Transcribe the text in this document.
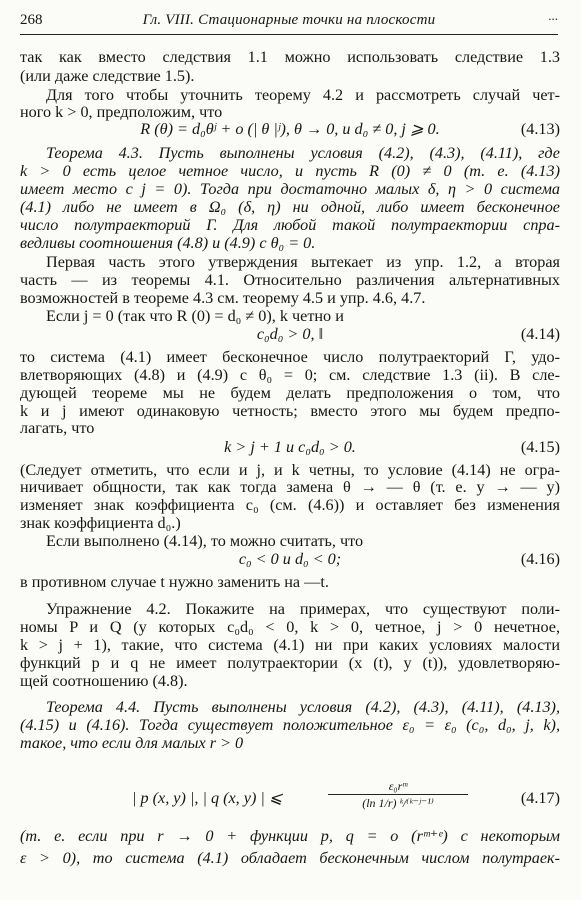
268	Гл. VIII. Стационарные точки на плоскости	...
так как вместо следствия 1.1 можно использовать следствие 1.3
(или даже следствие 1.5).
Для того чтобы уточнить теорему 4.2 и рассмотреть случай чет-
ного k > 0, предположим, что
R (θ) = d₀θʲ + o (| θ |ʲ), θ → 0, и d₀ ≠ 0, j ⩾ 0.	(4.13)
Теорема 4.3. Пусть выполнены условия (4.2), (4.3), (4.11), где
k > 0 есть целое четное число, и пусть R (0) ≠ 0 (т. е. (4.13)
имеет место с j = 0). Тогда при достаточно малых δ, η > 0 система
(4.1) либо не имеет в Ω₀ (δ, η) ни одной, либо имеет бесконечное
число полутраекторий Γ. Для любой такой полутраектории спра-
ведливы соотношения (4.8) и (4.9) с θ₀ = 0.
Первая часть этого утверждения вытекает из упр. 1.2, а вторая
часть — из теоремы 4.1. Относительно различения альтернативных
возможностей в теореме 4.3 см. теорему 4.5 и упр. 4.6, 4.7.
Если j = 0 (так что R (0) = d₀ ≠ 0), k четно и
c₀d₀ > 0, ‖	(4.14)
то система (4.1) имеет бесконечное число полутраекторий Γ, удо-
влетворяющих (4.8) и (4.9) с θ₀ = 0; см. следствие 1.3 (ii). В сле-
дующей теореме мы не будем делать предположения о том, что
k и j имеют одинаковую четность; вместо этого мы будем предпо-
лагать, что
k > j + 1 и c₀d₀ > 0.	(4.15)
(Следует отметить, что если и j, и k четны, то условие (4.14) не огра-
ничивает общности, так как тогда замена θ → — θ (т. е. y → — y)
изменяет знак коэффициента c₀ (см. (4.6)) и оставляет без изменения
знак коэффициента d₀.)
Если выполнено (4.14), то можно считать, что
c₀ < 0 и d₀ < 0;	(4.16)
в противном случае t нужно заменить на —t.
Упражнение 4.2. Покажите на примерах, что существуют поли-
номы P и Q (у которых c₀d₀ < 0, k > 0, четное, j > 0 нечетное,
k > j + 1), такие, что система (4.1) ни при каких условиях малости
функций p и q не имеет полутраектории (x (t), y (t)), удовлетворяю-
щей соотношению (4.8).
Теорема 4.4. Пусть выполнены условия (4.2), (4.3), (4.11), (4.13),
(4.15) и (4.16). Тогда существует положительное ε₀ = ε₀ (c₀, d₀, j, k),
такое, что если для малых r > 0
| p (x, y) |, | q (x, y) | ⩽	$\frac{\text{ε₀rᵐ}}{\text{(ln 1/r) ᵏ/⁽ᵏ⁻ʲ⁻¹⁾}}$	(4.17)
(т. е. если при r → 0 + функции p, q = o (rᵐ⁺ᵉ) с некоторым
ε > 0), то система (4.1) обладает бесконечным числом полутраек-
